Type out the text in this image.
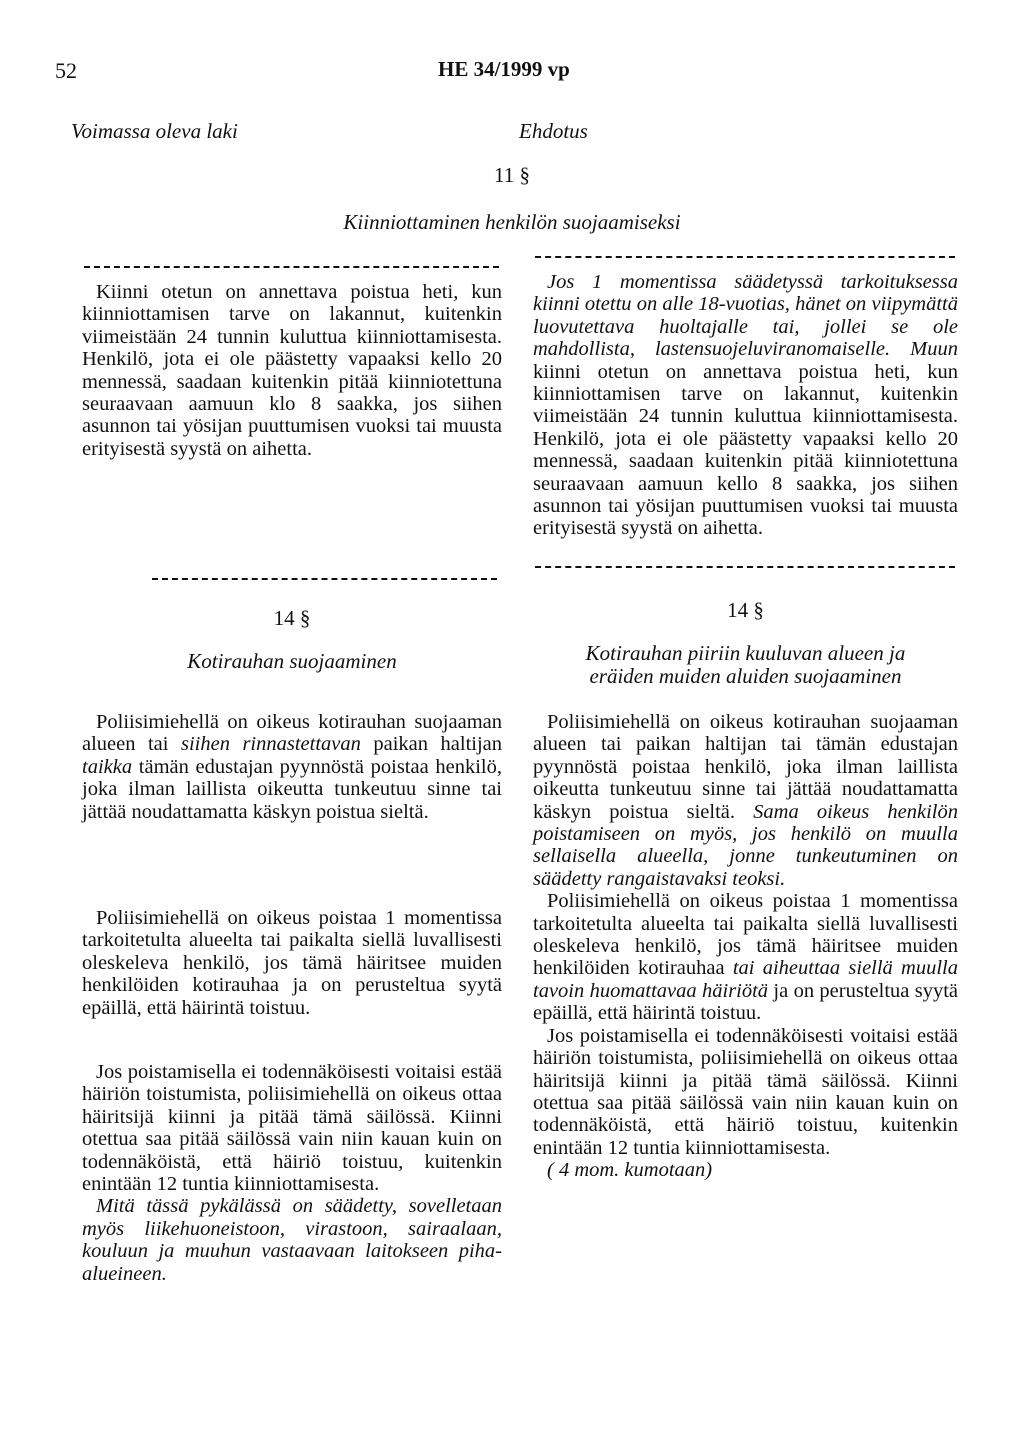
52	HE 34/1999 vp
Voimassa oleva laki	Ehdotus
11 §
Kiinniottaminen henkilön suojaamiseksi

Kiinni otetun on annettava poistua heti, kun kiinniottamisen tarve on lakannut, kuitenkin viimeistään 24 tunnin kuluttua kiinniottamisesta. Henkilö, jota ei ole päästetty vapaaksi kello 20 mennessä, saadaan kuitenkin pitää kiinniotettuna seuraavaan aamuun klo 8 saakka, jos siihen asunnon tai yösijan puuttumisen vuoksi tai muusta erityisestä syystä on aihetta.

Jos 1 momentissa säädetyssä tarkoituksessa kiinni otettu on alle 18-vuotias, hänet on viipymättä luovutettava huoltajalle tai, jollei se ole mahdollista, lastensuojeluviranomaiselle. Muun kiinni otetun on annettava poistua heti, kun kiinniottamisen tarve on lakannut, kuitenkin viimeistään 24 tunnin kuluttua kiinniottamisesta. Henkilö, jota ei ole päästetty vapaaksi kello 20 mennessä, saadaan kuitenkin pitää kiinniotettuna seuraavaan aamuun kello 8 saakka, jos siihen asunnon tai yösijan puuttumisen vuoksi tai muusta erityisestä syystä on aihetta.

14 §	14 §
Kotirauhan suojaaminen	Kotirauhan piiriin kuuluvan alueen ja
eräiden muiden aluiden suojaaminen

Poliisimiehellä on oikeus kotirauhan suojaaman alueen tai siihen rinnastettavan paikan haltijan taikka tämän edustajan pyynnöstä poistaa henkilö, joka ilman laillista oikeutta tunkeutuu sinne tai jättää noudattamatta käskyn poistua sieltä.

Poliisimiehellä on oikeus poistaa 1 momentissa tarkoitetulta alueelta tai paikalta siellä luvallisesti oleskeleva henkilö, jos tämä häiritsee muiden henkilöiden kotirauhaa ja on perusteltua syytä epäillä, että häirintä toistuu.

Jos poistamisella ei todennäköisesti voitaisi estää häiriön toistumista, poliisimiehellä on oikeus ottaa häiritsijä kiinni ja pitää tämä säilössä. Kiinni otettua saa pitää säilössä vain niin kauan kuin on todennäköistä, että häiriö toistuu, kuitenkin enintään 12 tuntia kiinniottamisesta.

Mitä tässä pykälässä on säädetty, sovelletaan myös liikehuoneistoon, virastoon, sairaalaan, kouluun ja muuhun vastaavaan laitokseen piha-alueineen.

Poliisimiehellä on oikeus kotirauhan suojaaman alueen tai paikan haltijan tai tämän edustajan pyynnöstä poistaa henkilö, joka ilman laillista oikeutta tunkeutuu sinne tai jättää noudattamatta käskyn poistua sieltä. Sama oikeus henkilön poistamiseen on myös, jos henkilö on muulla sellaisella alueella, jonne tunkeutuminen on säädetty rangaistavaksi teoksi.

Poliisimiehellä on oikeus poistaa 1 momentissa tarkoitetulta alueelta tai paikalta siellä luvallisesti oleskeleva henkilö, jos tämä häiritsee muiden henkilöiden kotirauhaa tai aiheuttaa siellä muulla tavoin huomattavaa häiriötä ja on perusteltua syytä epäillä, että häirintä toistuu.

Jos poistamisella ei todennäköisesti voitaisi estää häiriön toistumista, poliisimiehellä on oikeus ottaa häiritsijä kiinni ja pitää tämä säilössä. Kiinni otettua saa pitää säilössä vain niin kauan kuin on todennäköistä, että häiriö toistuu, kuitenkin enintään 12 tuntia kiinniottamisesta.

( 4 mom. kumotaan)
